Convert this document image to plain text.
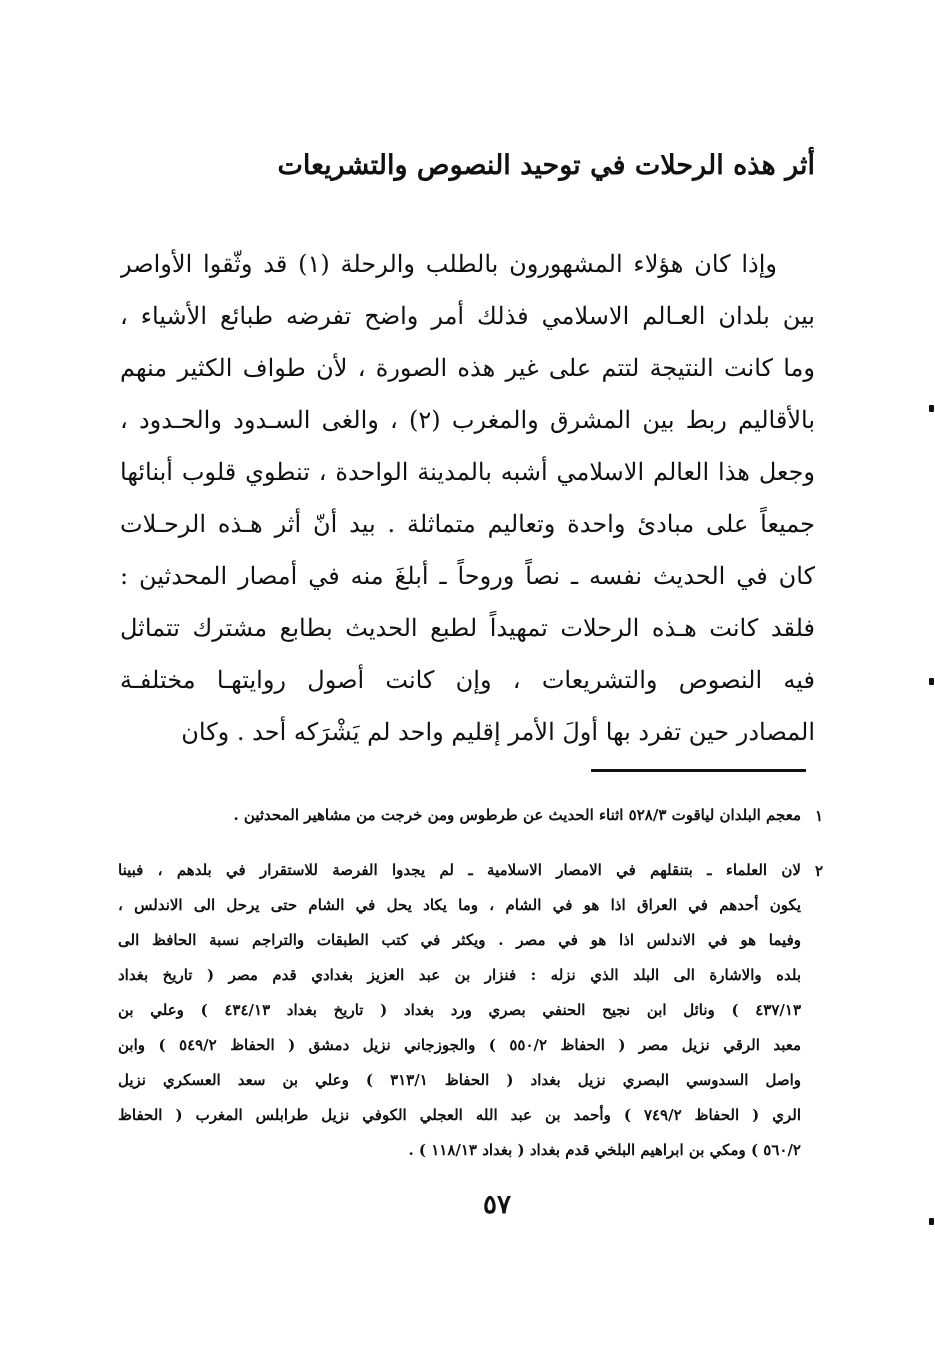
أثر هذه الرحلات في توحيد النصوص والتشريعات
وإذا كان هؤلاء المشهورون بالطلب والرحلة (١) قد وثّقوا الأواصر
بين بلدان العـالم الاسلامي فذلك أمر واضح تفرضه طبائع الأشياء ،
وما كانت النتيجة لتتم على غير هذه الصورة ، لأن طواف الكثير منهم
بالأقاليم ربط بين المشرق والمغرب (٢) ، والغى السـدود والحـدود ،
وجعل هذا العالم الاسلامي أشبه بالمدينة الواحدة ، تنطوي قلوب أبنائها
جميعاً على مبادئ واحدة وتعاليم متماثلة . بيد أنّ أثر هـذه الرحـلات
كان في الحديث نفسه ـ نصاً وروحاً ـ أبلغَ منه في أمصار المحدثين :
فلقد كانت هـذه الرحلات تمهيداً لطبع الحديث بطابع مشترك تتماثل
فيه النصوص والتشريعات ، وإن كانت أصول روايتهـا مختلفـة
المصادر حين تفرد بها أولَ الأمر إقليم واحد لم يَشْرَكه أحد . وكان
١
معجم البلدان لياقوت ٥٢٨/٣ اثناء الحديث عن طرطوس ومن خرجت من مشاهير المحدثين .
٢
لان العلماء ـ بتنقلهم في الامصار الاسلامية ـ لم يجدوا الفرصة للاستقرار في بلدهم ، فبينا
يكون أحدهم في العراق اذا هو في الشام ، وما يكاد يحل في الشام حتى يرحل الى الاندلس ،
وفيما هو في الاندلس اذا هو في مصر . ويكثر في كتب الطبقات والتراجم نسبة الحافظ الى
بلده والاشارة الى البلد الذي نزله : فنزار بن عبد العزيز بغدادي قدم مصر ( تاريخ بغداد
٤٣٧/١٣ ) ونائل ابن نجيح الحنفي بصري ورد بغداد ( تاريخ بغداد ٤٣٤/١٣ ) وعلي بن
معبد الرقي نزيل مصر ( الحفاظ ٥٥٠/٢ ) والجوزجاني نزيل دمشق ( الحفاظ ٥٤٩/٢ ) وابن
واصل السدوسي البصري نزيل بغداد ( الحفاظ ٣١٣/١ ) وعلي بن سعد العسكري نزيل
الري ( الحفاظ ٧٤٩/٢ ) وأحمد بن عبد الله العجلي الكوفي نزيل طرابلس المغرب ( الحفاظ
٥٦٠/٢ ) ومكي بن ابراهيم البلخي قدم بغداد ( بغداد ١١٨/١٣ ) .
٥٧
